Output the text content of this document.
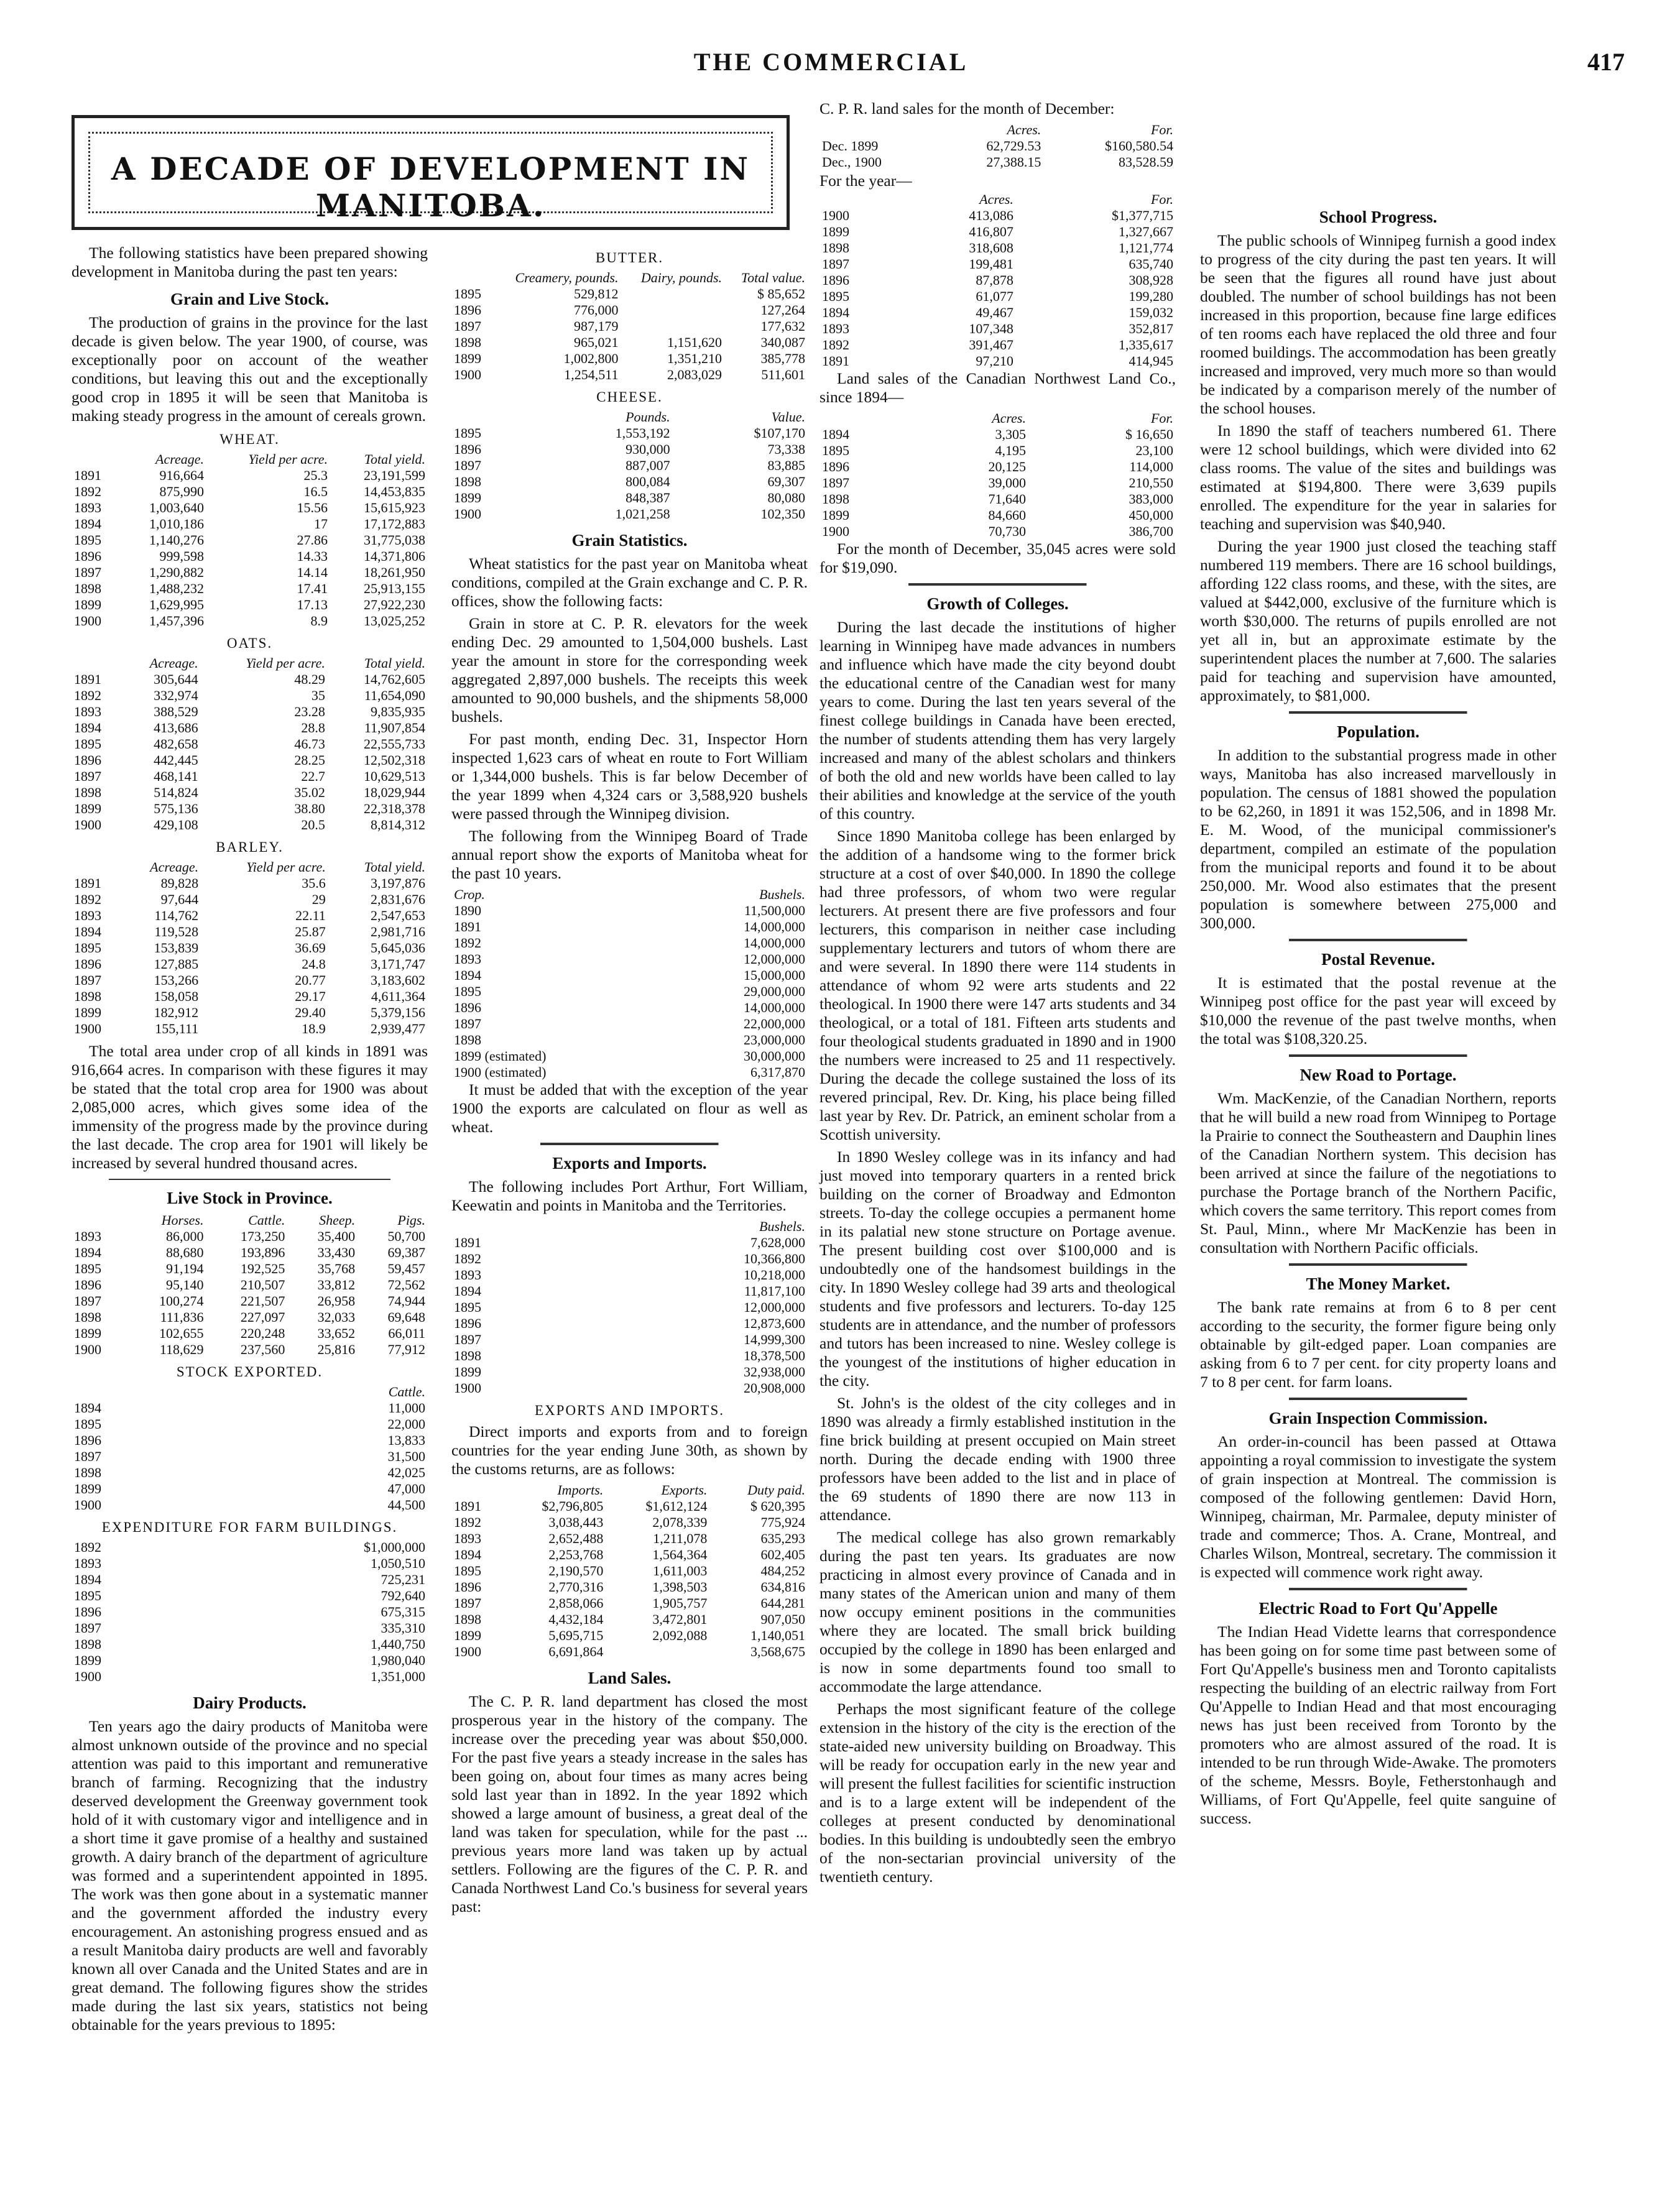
THE COMMERCIAL	417
A DECADE OF DEVELOPMENT IN MANITOBA.

The following statistics have been prepared showing development in Manitoba during the past ten years:

Grain and Live Stock.

The production of grains in the province for the last decade is given below. The year 1900, of course, was exceptionally poor on account of the weather conditions, but leaving this out and the exceptionally good crop in 1895 it will be seen that Manitoba is making steady progress in the amount of cereals grown.

WHEAT.
	Acreage.	Yield per acre.	Total yield.
1891	916,664	25.3	23,191,599
1892	875,990	16.5	14,453,835
1893	1,003,640	15.56	15,615,923
1894	1,010,186	17	17,172,883
1895	1,140,276	27.86	31,775,038
1896	999,598	14.33	14,371,806
1897	1,290,882	14.14	18,261,950
1898	1,488,232	17.41	25,913,155
1899	1,629,995	17.13	27,922,230
1900	1,457,396	8.9	13,025,252
OATS.
	Acreage.	Yield per acre.	Total yield.
1891	305,644	48.29	14,762,605
1892	332,974	35	11,654,090
1893	388,529	23.28	9,835,935
1894	413,686	28.8	11,907,854
1895	482,658	46.73	22,555,733
1896	442,445	28.25	12,502,318
1897	468,141	22.7	10,629,513
1898	514,824	35.02	18,029,944
1899	575,136	38.80	22,318,378
1900	429,108	20.5	8,814,312
BARLEY.
	Acreage.	Yield per acre.	Total yield.
1891	89,828	35.6	3,197,876
1892	97,644	29	2,831,676
1893	114,762	22.11	2,547,653
1894	119,528	25.87	2,981,716
1895	153,839	36.69	5,645,036
1896	127,885	24.8	3,171,747
1897	153,266	20.77	3,183,602
1898	158,058	29.17	4,611,364
1899	182,912	29.40	5,379,156
1900	155,111	18.9	2,939,477

The total area under crop of all kinds in 1891 was 916,664 acres. In comparison with these figures it may be stated that the total crop area for 1900 was about 2,085,000 acres, which gives some idea of the immensity of the progress made by the province during the last decade. The crop area for 1901 will likely be increased by several hundred thousand acres.

Live Stock in Province.
	Horses.	Cattle.	Sheep.	Pigs.
1893	86,000	173,250	35,400	50,700
1894	88,680	193,896	33,430	69,387
1895	91,194	192,525	35,768	59,457
1896	95,140	210,507	33,812	72,562
1897	100,274	221,507	26,958	74,944
1898	111,836	227,097	32,033	69,648
1899	102,655	220,248	33,652	66,011
1900	118,629	237,560	25,816	77,912
STOCK EXPORTED.
	Cattle.
1894	11,000
1895	22,000
1896	13,833
1897	31,500
1898	42,025
1899	47,000
1900	44,500
EXPENDITURE FOR FARM BUILDINGS.
1892	$1,000,000
1893	1,050,510
1894	725,231
1895	792,640
1896	675,315
1897	335,310
1898	1,440,750
1899	1,980,040
1900	1,351,000
Dairy Products.

Ten years ago the dairy products of Manitoba were almost unknown outside of the province and no special attention was paid to this important and remunerative branch of farming. Recognizing that the industry deserved development the Greenway government took hold of it with customary vigor and intelligence and in a short time it gave promise of a healthy and sustained growth. A dairy branch of the department of agriculture was formed and a superintendent appointed in 1895. The work was then gone about in a systematic manner and the government afforded the industry every encouragement. An astonishing progress ensued and as a result Manitoba dairy products are well and favorably known all over Canada and the United States and are in great demand. The following figures show the strides made during the last six years, statistics not being obtainable for the years previous to 1895:

BUTTER.
	Creamery, pounds.	Dairy, pounds.	Total value.
1895	529,812		$ 85,652
1896	776,000		127,264
1897	987,179		177,632
1898	965,021	1,151,620	340,087
1899	1,002,800	1,351,210	385,778
1900	1,254,511	2,083,029	511,601
CHEESE.
	Pounds.	Value.
1895	1,553,192	$107,170
1896	930,000	73,338
1897	887,007	83,885
1898	800,084	69,307
1899	848,387	80,080
1900	1,021,258	102,350
Grain Statistics.

Wheat statistics for the past year on Manitoba wheat conditions, compiled at the Grain exchange and C. P. R. offices, show the following facts:

Grain in store at C. P. R. elevators for the week ending Dec. 29 amounted to 1,504,000 bushels. Last year the amount in store for the corresponding week aggregated 2,897,000 bushels. The receipts this week amounted to 90,000 bushels, and the shipments 58,000 bushels.

For past month, ending Dec. 31, Inspector Horn inspected 1,623 cars of wheat en route to Fort William or 1,344,000 bushels. This is far below December of the year 1899 when 4,324 cars or 3,588,920 bushels were passed through the Winnipeg division.

The following from the Winnipeg Board of Trade annual report show the exports of Manitoba wheat for the past 10 years.

Crop.	Bushels.
1890	11,500,000
1891	14,000,000
1892	14,000,000
1893	12,000,000
1894	15,000,000
1895	29,000,000
1896	14,000,000
1897	22,000,000
1898	23,000,000
1899 (estimated)	30,000,000
1900 (estimated)	6,317,870

It must be added that with the exception of the year 1900 the exports are calculated on flour as well as wheat.

Exports and Imports.

The following includes Port Arthur, Fort William, Keewatin and points in Manitoba and the Territories.

	Bushels.
1891	7,628,000
1892	10,366,800
1893	10,218,000
1894	11,817,100
1895	12,000,000
1896	12,873,600
1897	14,999,300
1898	18,378,500
1899	32,938,000
1900	20,908,000
EXPORTS AND IMPORTS.

Direct imports and exports from and to foreign countries for the year ending June 30th, as shown by the customs returns, are as follows:

	Imports.	Exports.	Duty paid.
1891	$2,796,805	$1,612,124	$ 620,395
1892	3,038,443	2,078,339	775,924
1893	2,652,488	1,211,078	635,293
1894	2,253,768	1,564,364	602,405
1895	2,190,570	1,611,003	484,252
1896	2,770,316	1,398,503	634,816
1897	2,858,066	1,905,757	644,281
1898	4,432,184	3,472,801	907,050
1899	5,695,715	2,092,088	1,140,051
1900	6,691,864		3,568,675
Land Sales.

The C. P. R. land department has closed the most prosperous year in the history of the company. The increase over the preceding year was about $50,000. For the past five years a steady increase in the sales has been going on, about four times as many acres being sold last year than in 1892. In the year 1892 which showed a large amount of business, a great deal of the land was taken for speculation, while for the past ... previous years more land was taken up by actual settlers. Following are the figures of the C. P. R. and Canada Northwest Land Co.'s business for several years past:

C. P. R. land sales for the month of December:

	Acres.	For.
Dec. 1899	62,729.53	$160,580.54
Dec., 1900	27,388.15	83,528.59

For the year—

	Acres.	For.
1900	413,086	$1,377,715
1899	416,807	1,327,667
1898	318,608	1,121,774
1897	199,481	635,740
1896	87,878	308,928
1895	61,077	199,280
1894	49,467	159,032
1893	107,348	352,817
1892	391,467	1,335,617
1891	97,210	414,945

Land sales of the Canadian Northwest Land Co., since 1894—

	Acres.	For.
1894	3,305	$ 16,650
1895	4,195	23,100
1896	20,125	114,000
1897	39,000	210,550
1898	71,640	383,000
1899	84,660	450,000
1900	70,730	386,700

For the month of December, 35,045 acres were sold for $19,090.

Growth of Colleges.

During the last decade the institutions of higher learning in Winnipeg have made advances in numbers and influence which have made the city beyond doubt the educational centre of the Canadian west for many years to come. During the last ten years several of the finest college buildings in Canada have been erected, the number of students attending them has very largely increased and many of the ablest scholars and thinkers of both the old and new worlds have been called to lay their abilities and knowledge at the service of the youth of this country.

Since 1890 Manitoba college has been enlarged by the addition of a handsome wing to the former brick structure at a cost of over $40,000. In 1890 the college had three professors, of whom two were regular lecturers. At present there are five professors and four lecturers, this comparison in neither case including supplementary lecturers and tutors of whom there are and were several. In 1890 there were 114 students in attendance of whom 92 were arts students and 22 theological. In 1900 there were 147 arts students and 34 theological, or a total of 181. Fifteen arts students and four theological students graduated in 1890 and in 1900 the numbers were increased to 25 and 11 respectively. During the decade the college sustained the loss of its revered principal, Rev. Dr. King, his place being filled last year by Rev. Dr. Patrick, an eminent scholar from a Scottish university.

In 1890 Wesley college was in its infancy and had just moved into temporary quarters in a rented brick building on the corner of Broadway and Edmonton streets. To-day the college occupies a permanent home in its palatial new stone structure on Portage avenue. The present building cost over $100,000 and is undoubtedly one of the handsomest buildings in the city. In 1890 Wesley college had 39 arts and theological students and five professors and lecturers. To-day 125 students are in attendance, and the number of professors and tutors has been increased to nine. Wesley college is the youngest of the institutions of higher education in the city.

St. John's is the oldest of the city colleges and in 1890 was already a firmly established institution in the fine brick building at present occupied on Main street north. During the decade ending with 1900 three professors have been added to the list and in place of the 69 students of 1890 there are now 113 in attendance.

The medical college has also grown remarkably during the past ten years. Its graduates are now practicing in almost every province of Canada and in many states of the American union and many of them now occupy eminent positions in the communities where they are located. The small brick building occupied by the college in 1890 has been enlarged and is now in some departments found too small to accommodate the large attendance.

Perhaps the most significant feature of the college extension in the history of the city is the erection of the state-aided new university building on Broadway. This will be ready for occupation early in the new year and will present the fullest facilities for scientific instruction and is to a large extent will be independent of the colleges at present conducted by denominational bodies. In this building is undoubtedly seen the embryo of the non-sectarian provincial university of the twentieth century.

School Progress.

The public schools of Winnipeg furnish a good index to progress of the city during the past ten years. It will be seen that the figures all round have just about doubled. The number of school buildings has not been increased in this proportion, because fine large edifices of ten rooms each have replaced the old three and four roomed buildings. The accommodation has been greatly increased and improved, very much more so than would be indicated by a comparison merely of the number of the school houses.

In 1890 the staff of teachers numbered 61. There were 12 school buildings, which were divided into 62 class rooms. The value of the sites and buildings was estimated at $194,800. There were 3,639 pupils enrolled. The expenditure for the year in salaries for teaching and supervision was $40,940.

During the year 1900 just closed the teaching staff numbered 119 members. There are 16 school buildings, affording 122 class rooms, and these, with the sites, are valued at $442,000, exclusive of the furniture which is worth $30,000. The returns of pupils enrolled are not yet all in, but an approximate estimate by the superintendent places the number at 7,600. The salaries paid for teaching and supervision have amounted, approximately, to $81,000.

Population.

In addition to the substantial progress made in other ways, Manitoba has also increased marvellously in population. The census of 1881 showed the population to be 62,260, in 1891 it was 152,506, and in 1898 Mr. E. M. Wood, of the municipal commissioner's department, compiled an estimate of the population from the municipal reports and found it to be about 250,000. Mr. Wood also estimates that the present population is somewhere between 275,000 and 300,000.

Postal Revenue.

It is estimated that the postal revenue at the Winnipeg post office for the past year will exceed by $10,000 the revenue of the past twelve months, when the total was $108,320.25.

New Road to Portage.

Wm. MacKenzie, of the Canadian Northern, reports that he will build a new road from Winnipeg to Portage la Prairie to connect the Southeastern and Dauphin lines of the Canadian Northern system. This decision has been arrived at since the failure of the negotiations to purchase the Portage branch of the Northern Pacific, which covers the same territory. This report comes from St. Paul, Minn., where Mr MacKenzie has been in consultation with Northern Pacific officials.

The Money Market.

The bank rate remains at from 6 to 8 per cent according to the security, the former figure being only obtainable by gilt-edged paper. Loan companies are asking from 6 to 7 per cent. for city property loans and 7 to 8 per cent. for farm loans.

Grain Inspection Commission.

An order-in-council has been passed at Ottawa appointing a royal commission to investigate the system of grain inspection at Montreal. The commission is composed of the following gentlemen: David Horn, Winnipeg, chairman, Mr. Parmalee, deputy minister of trade and commerce; Thos. A. Crane, Montreal, and Charles Wilson, Montreal, secretary. The commission it is expected will commence work right away.

Electric Road to Fort Qu'Appelle

The Indian Head Vidette learns that correspondence has been going on for some time past between some of Fort Qu'Appelle's business men and Toronto capitalists respecting the building of an electric railway from Fort Qu'Appelle to Indian Head and that most encouraging news has just been received from Toronto by the promoters who are almost assured of the road. It is intended to be run through Wide-Awake. The promoters of the scheme, Messrs. Boyle, Fetherstonhaugh and Williams, of Fort Qu'Appelle, feel quite sanguine of success.
